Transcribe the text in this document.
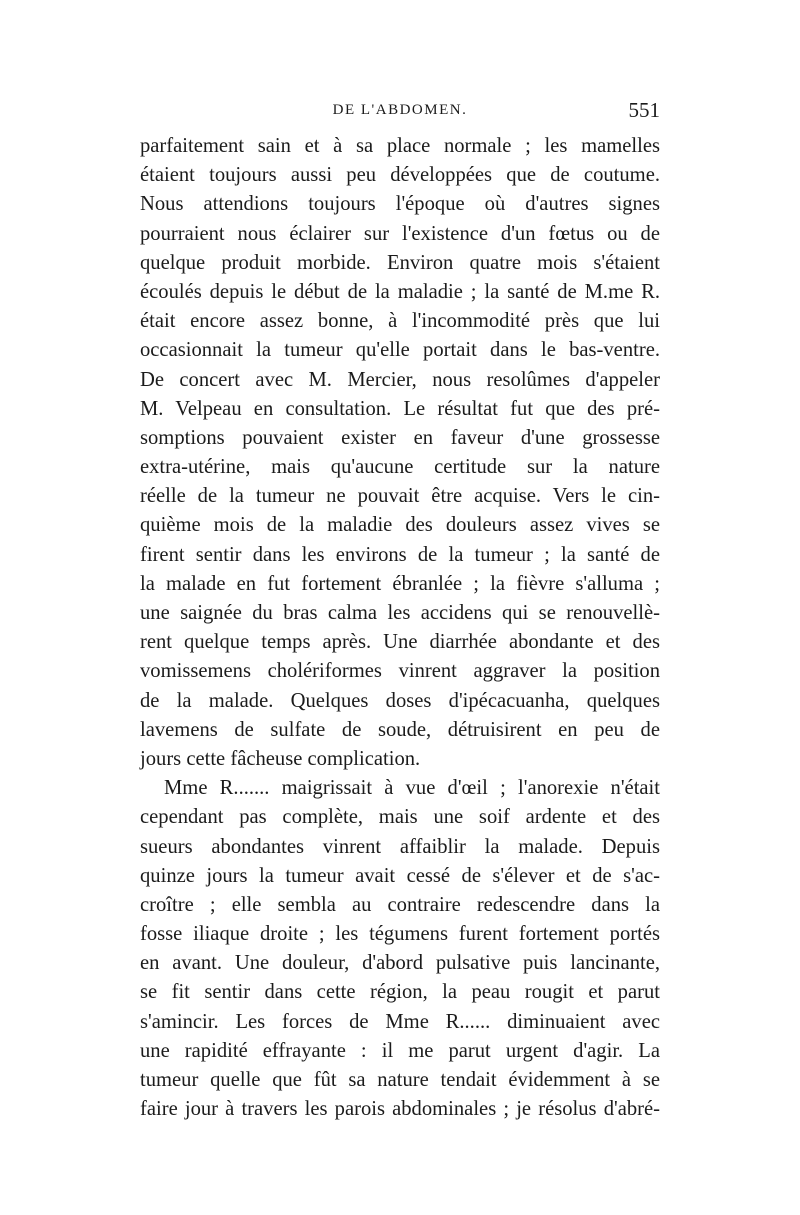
DE L'ABDOMEN.	551
parfaitement sain et à sa place normale ; les mamelles
étaient toujours aussi peu développées que de coutume.
Nous attendions toujours l'époque où d'autres signes
pourraient nous éclairer sur l'existence d'un fœtus ou de
quelque produit morbide. Environ quatre mois s'étaient
écoulés depuis le début de la maladie ; la santé de M.me R.
était encore assez bonne, à l'incommodité près que lui
occasionnait la tumeur qu'elle portait dans le bas-ventre.
De concert avec M. Mercier, nous resolûmes d'appeler
M. Velpeau en consultation. Le résultat fut que des pré-
somptions pouvaient exister en faveur d'une grossesse
extra-utérine, mais qu'aucune certitude sur la nature
réelle de la tumeur ne pouvait être acquise. Vers le cin-
quième mois de la maladie des douleurs assez vives se
firent sentir dans les environs de la tumeur ; la santé de
la malade en fut fortement ébranlée ; la fièvre s'alluma ;
une saignée du bras calma les accidens qui se renouvellè-
rent quelque temps après. Une diarrhée abondante et des
vomissemens cholériformes vinrent aggraver la position
de la malade. Quelques doses d'ipécacuanha, quelques
lavemens de sulfate de soude, détruisirent en peu de
jours cette fâcheuse complication.
Mme R....... maigrissait à vue d'œil ; l'anorexie n'était
cependant pas complète, mais une soif ardente et des
sueurs abondantes vinrent affaiblir la malade. Depuis
quinze jours la tumeur avait cessé de s'élever et de s'ac-
croître ; elle sembla au contraire redescendre dans la
fosse iliaque droite ; les tégumens furent fortement portés
en avant. Une douleur, d'abord pulsative puis lancinante,
se fit sentir dans cette région, la peau rougit et parut
s'amincir. Les forces de Mme R...... diminuaient avec
une rapidité effrayante : il me parut urgent d'agir. La
tumeur quelle que fût sa nature tendait évidemment à se
faire jour à travers les parois abdominales ; je résolus d'abré-
